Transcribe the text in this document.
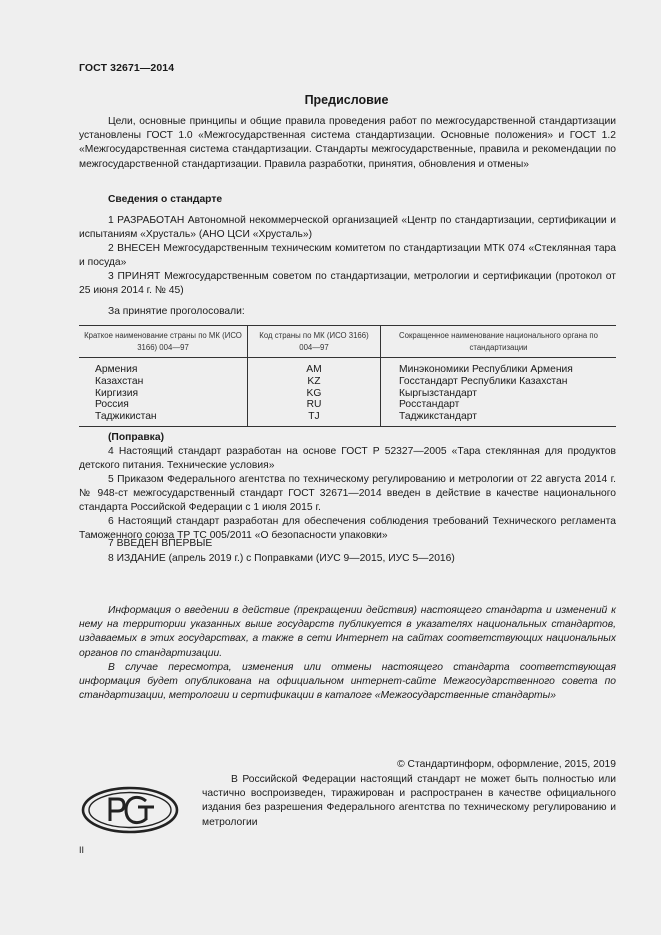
ГОСТ 32671—2014
Предисловие

Цели, основные принципы и общие правила проведения работ по межгосударственной стандартизации установлены ГОСТ 1.0 «Межгосударственная система стандартизации. Основные положения» и ГОСТ 1.2 «Межгосударственная система стандартизации. Стандарты межгосударственные, правила и рекомендации по межгосударственной стандартизации. Правила разработки, принятия, обновления и отмены»

Сведения о стандарте

1 РАЗРАБОТАН Автономной некоммерческой организацией «Центр по стандартизации, сертификации и испытаниям «Хрусталь» (АНО ЦСИ «Хрусталь»)

2 ВНЕСЕН Межгосударственным техническим комитетом по стандартизации МТК 074 «Стеклянная тара и посуда»

3 ПРИНЯТ Межгосударственным советом по стандартизации, метрологии и сертификации (протокол от 25 июня 2014 г. № 45)

За принятие проголосовали:

Краткое наименование страны по МК (ИСО 3166) 004—97	Код страны по МК (ИСО 3166) 004—97	Сокращенное наименование национального органа по стандартизации
Армения	AM	Минэкономики Республики Армения
Казахстан	KZ	Госстандарт Республики Казахстан
Киргизия	KG	Кыргызстандарт
Россия	RU	Росстандарт
Таджикистан	TJ	Таджикстандарт

(Поправка)

4 Настоящий стандарт разработан на основе ГОСТ Р 52327—2005 «Тара стеклянная для продуктов детского питания. Технические условия»

5 Приказом Федерального агентства по техническому регулированию и метрологии от 22 августа 2014 г. № 948-ст межгосударственный стандарт ГОСТ 32671—2014 введен в действие в качестве национального стандарта Российской Федерации с 1 июля 2015 г.

6 Настоящий стандарт разработан для обеспечения соблюдения требований Технического регламента Таможенного союза ТР ТС 005/2011 «О безопасности упаковки»

7 ВВЕДЕН ВПЕРВЫЕ

8 ИЗДАНИЕ (апрель 2019 г.) с Поправками (ИУС 9—2015, ИУС 5—2016)

Информация о введении в действие (прекращении действия) настоящего стандарта и изменений к нему на территории указанных выше государств публикуется в указателях национальных стандартов, издаваемых в этих государствах, а также в сети Интернет на сайтах соответствующих национальных органов по стандартизации.

В случае пересмотра, изменения или отмены настоящего стандарта соответствующая информация будет опубликована на официальном интернет-сайте Межгосударственного совета по стандартизации, метрологии и сертификации в каталоге «Межгосударственные стандарты»

© Стандартинформ, оформление, 2015, 2019

В Российской Федерации настоящий стандарт не может быть полностью или частично воспроизведен, тиражирован и распространен в качестве официального издания без разрешения Федерального агентства по техническому регулированию и метрологии

II
